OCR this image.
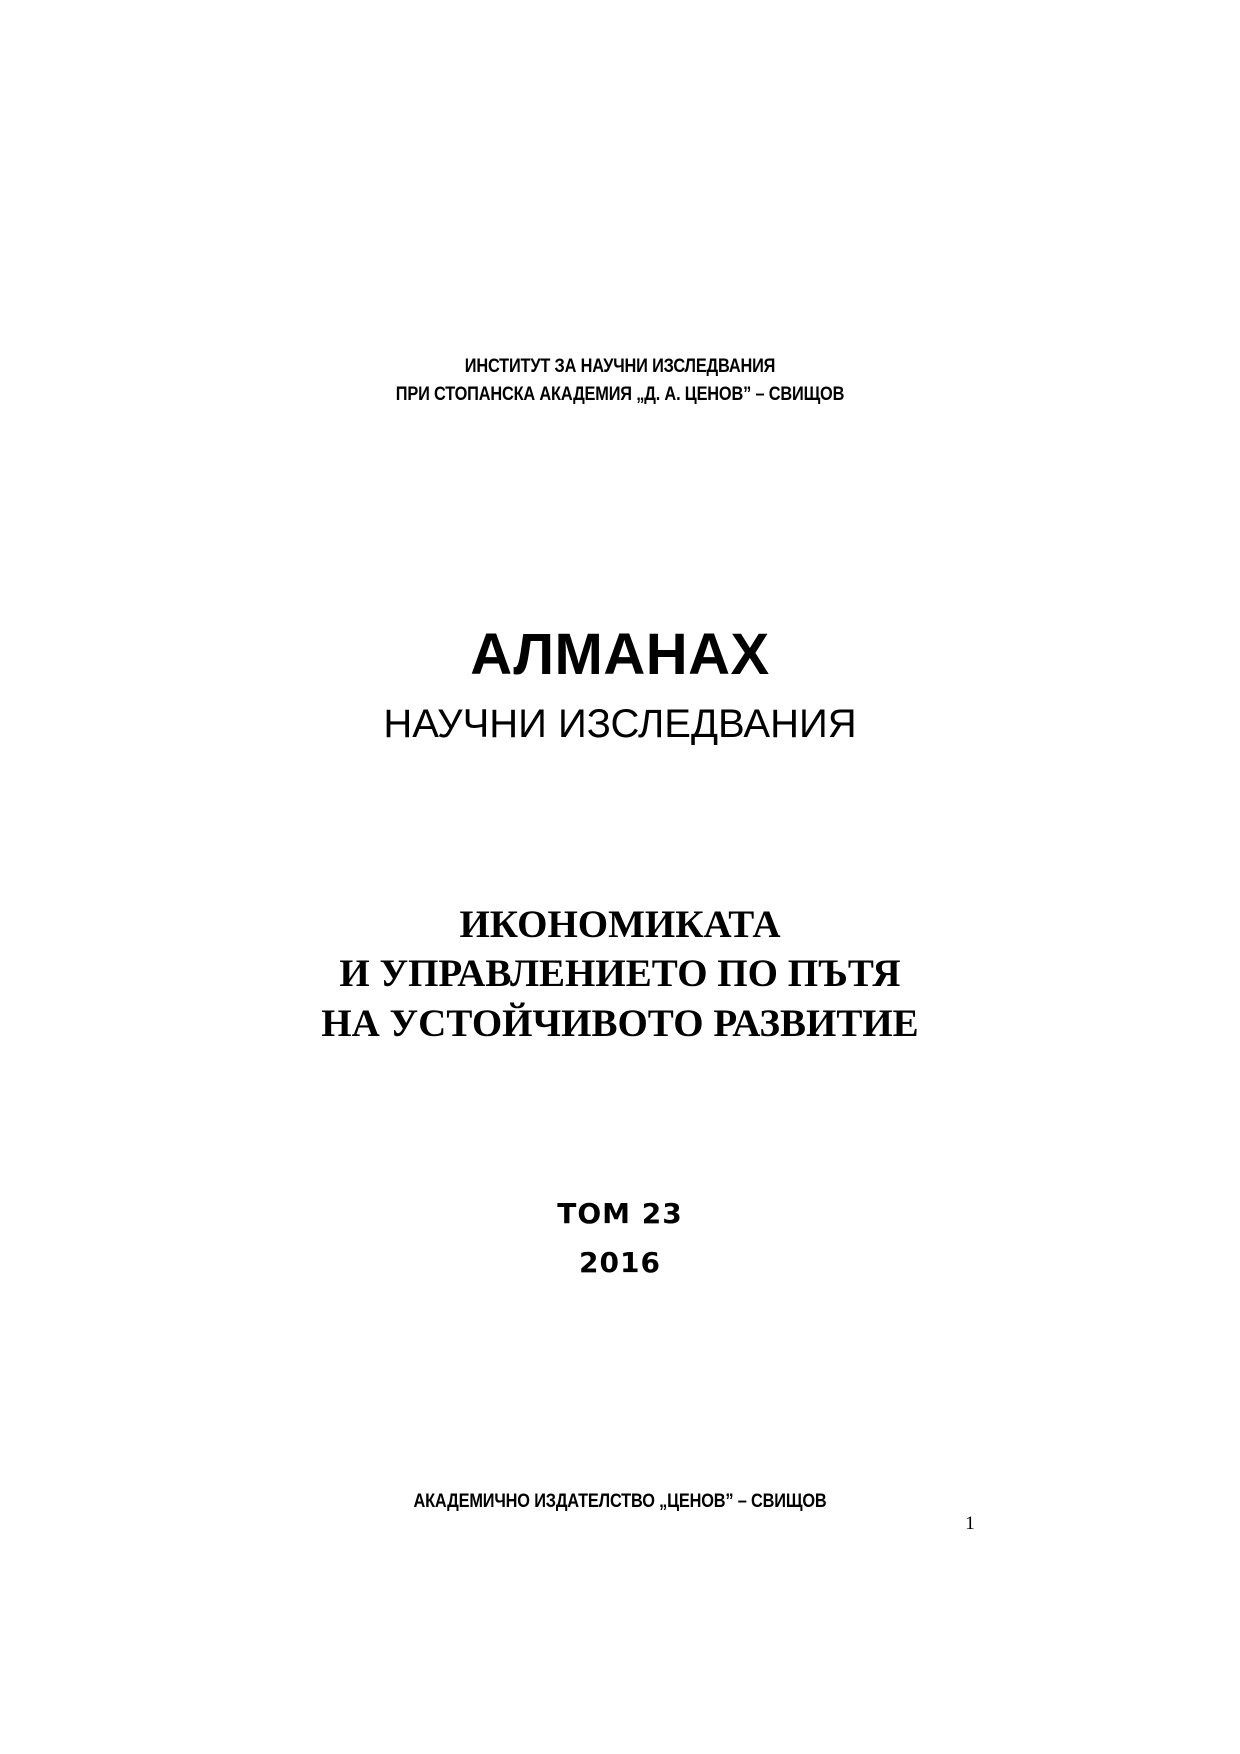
ИНСТИТУТ ЗА НАУЧНИ ИЗСЛЕДВАНИЯ
ПРИ СТОПАНСКА АКАДЕМИЯ „Д. А. ЦЕНОВ” – СВИЩОВ
АЛМАНАХ
НАУЧНИ ИЗСЛЕДВАНИЯ
ИКОНОМИКАТА
И УПРАВЛЕНИЕТО ПО ПЪТЯ
НА УСТОЙЧИВОТО РАЗВИТИЕ
ТОМ 23
2016
АКАДЕМИЧНО ИЗДАТЕЛСТВО „ЦЕНОВ” – СВИЩОВ
1
